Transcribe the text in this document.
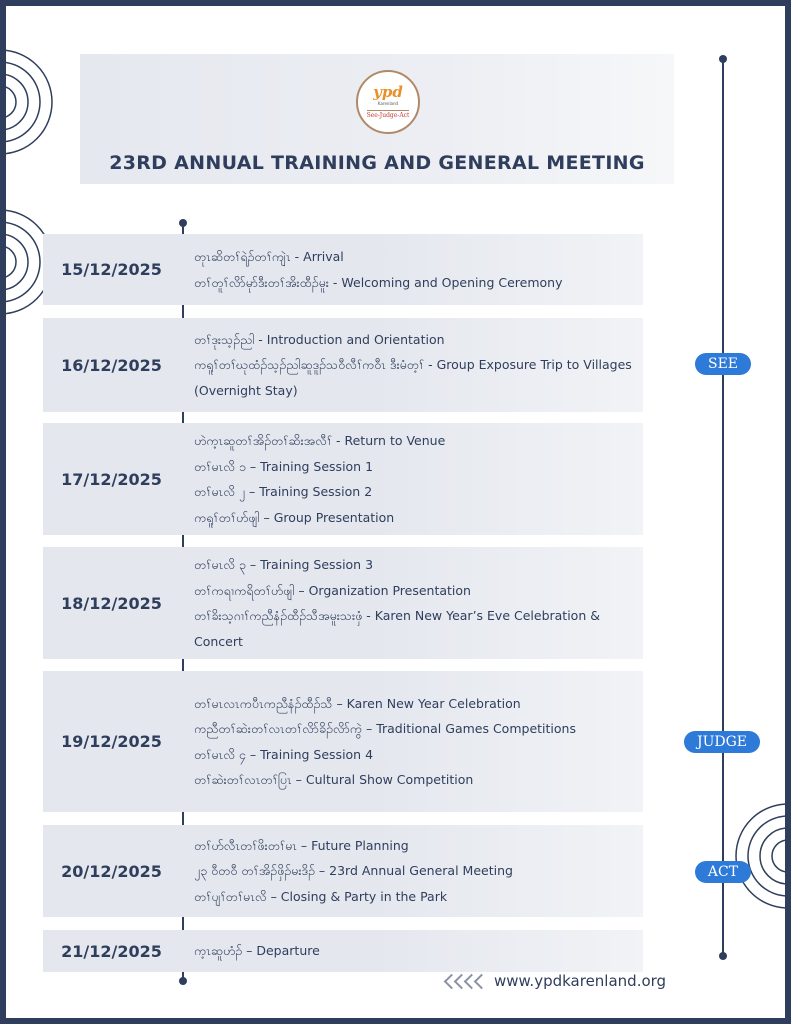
ypd
Karenland
See-Judge-Act
23RD ANNUAL TRAINING AND GENERAL MEETING
SEE
JUDGE
ACT
15/12/2025
တုၤဆိတၢ်ရဲၣ်တၢ်ကျဲၤ - Arrival
တၢ်တူၢ်လိာ်မုာ်ဒီးတၢ်အိးထီၣ်မူး - Welcoming and Opening Ceremony
16/12/2025
တၢ်ဒုးသ့ၣ်ညါ - Introduction and Orientation
ကရူၢ်တၢ်ဃုထံၣ်သ့ၣ်ညါဆူဒူၣ်သဝီလီၢ်ကဝီၤ ဒီးမံတ့ၢ် - Group Exposure Trip to Villages (Overnight Stay)
17/12/2025
ဟဲက့ၤဆူတၢ်အိၣ်တၢ်ဆိးအလီၢ် - Return to Venue
တၢ်မၤလိ ၁ – Training Session 1
တၢ်မၤလိ ၂ – Training Session 2
ကရူၢ်တၢ်ဟ်ဖျါ – Group Presentation
18/12/2025
တၢ်မၤလိ ၃ – Training Session 3
တၢ်ကရၢကရိတၢ်ဟ်ဖျါ – Organization Presentation
တၢ်ခိးသ့ဂၢၢ်ကညီနံၣ်ထီၣ်သီအမူးသးဖှံ - Karen New Year’s Eve Celebration & Concert
19/12/2025
တၢ်မၤလၤကပီၤကညီနံၣ်ထီၣ်သီ – Karen New Year Celebration
ကညီတၢ်ဆဲးတၢ်လၤတၢ်လိာ်ခိၣ်လိာ်ကွဲ – Traditional Games Competitions
တၢ်မၤလိ ၄ – Training Session 4
တၢ်ဆဲးတၢ်လၤတၢ်ပြၤ – Cultural Show Competition
20/12/2025
တၢ်ဟ်လီၤတၢ်ဖိးတၢ်မၤ – Future Planning
၂၃ ဝီတဝီ တၢ်အိၣ်ဖှိၣ်မးဒိၣ် – 23rd Annual General Meeting
တၢ်ပျၢ်တၢ်မၤလိ – Closing & Party in the Park
21/12/2025	က့ၤဆူဟံၣ် – Departure
www.ypdkarenland.org
